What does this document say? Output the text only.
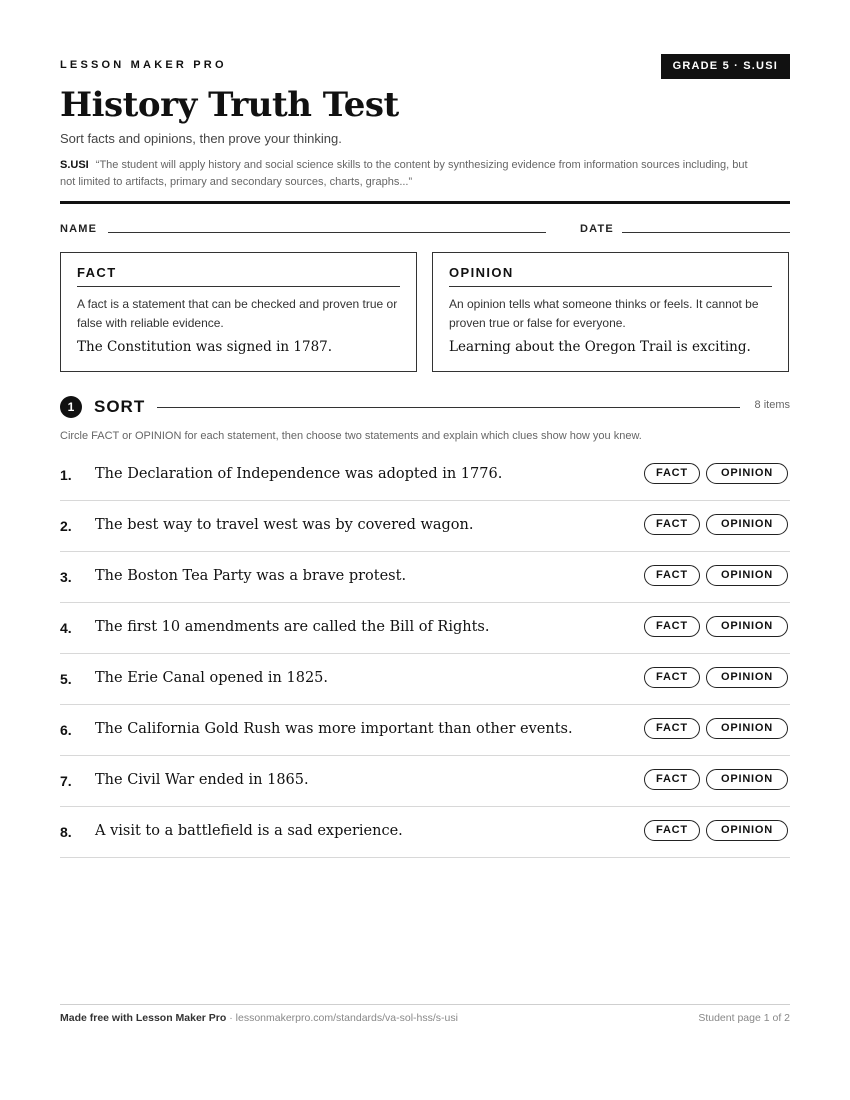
LESSON MAKER PRO	GRADE 5 · S.USI
History Truth Test
Sort facts and opinions, then prove your thinking.
S.USI “The student will apply history and social science skills to the content by synthesizing evidence from information sources including, but not limited to artifacts, primary and secondary sources, charts, graphs...”
NAME	DATE
FACT
A fact is a statement that can be checked and proven true or false with reliable evidence.
The Constitution was signed in 1787.
OPINION
An opinion tells what someone thinks or feels. It cannot be proven true or false for everyone.
Learning about the Oregon Trail is exciting.
1	SORT	8 items
Circle FACT or OPINION for each statement, then choose two statements and explain which clues show how you knew.
1. The Declaration of Independence was adopted in 1776.	FACT	OPINION
2. The best way to travel west was by covered wagon.	FACT	OPINION
3. The Boston Tea Party was a brave protest.	FACT	OPINION
4. The first 10 amendments are called the Bill of Rights.	FACT	OPINION
5. The Erie Canal opened in 1825.	FACT	OPINION
6. The California Gold Rush was more important than other events.	FACT	OPINION
7. The Civil War ended in 1865.	FACT	OPINION
8. A visit to a battlefield is a sad experience.	FACT	OPINION
Made free with Lesson Maker Pro · lessonmakerpro.com/standards/va-sol-hss/s-usi	Student page 1 of 2
